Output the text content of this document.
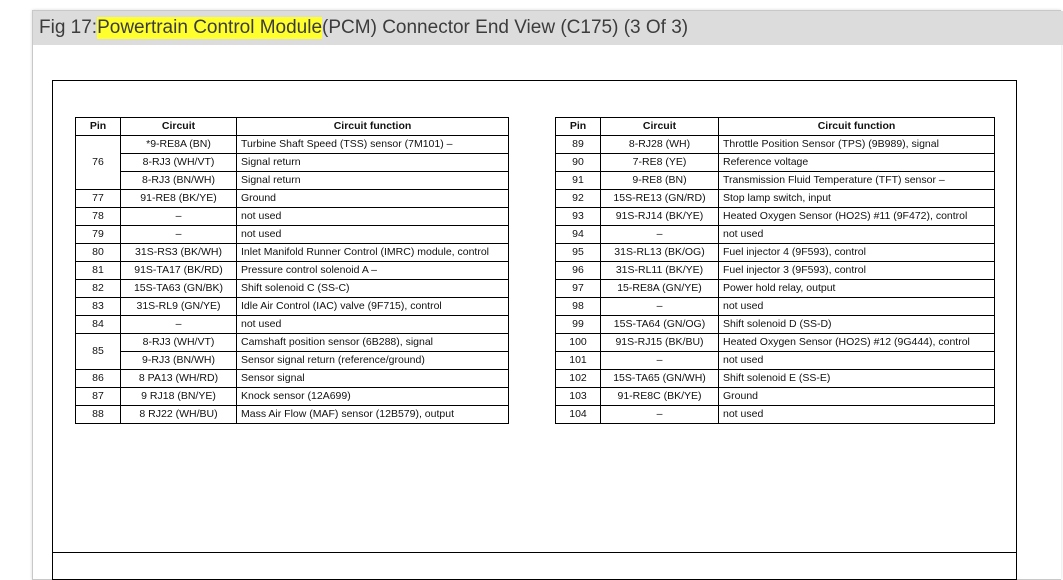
Fig 17: Powertrain Control Module (PCM) Connector End View (C175) (3 Of 3)
Pin	Circuit	Circuit function
76	*9-RE8A (BN)	Turbine Shaft Speed (TSS) sensor (7M101) –
	8-RJ3 (WH/VT)	Signal return
	8-RJ3 (BN/WH)	Signal return
77	91-RE8 (BK/YE)	Ground
78	–	not used
79	–	not used
80	31S-RS3 (BK/WH)	Inlet Manifold Runner Control (IMRC) module, control
81	91S-TA17 (BK/RD)	Pressure control solenoid A –
82	15S-TA63 (GN/BK)	Shift solenoid C (SS-C)
83	31S-RL9 (GN/YE)	Idle Air Control (IAC) valve (9F715), control
84	–	not used
85	8-RJ3 (WH/VT)	Camshaft position sensor (6B288), signal
	9-RJ3 (BN/WH)	Sensor signal return (reference/ground)
86	8 PA13 (WH/RD)	Sensor signal
87	9 RJ18 (BN/YE)	Knock sensor (12A699)
88	8 RJ22 (WH/BU)	Mass Air Flow (MAF) sensor (12B579), output
Pin	Circuit	Circuit function
89	8-RJ28 (WH)	Throttle Position Sensor (TPS) (9B989), signal
90	7-RE8 (YE)	Reference voltage
91	9-RE8 (BN)	Transmission Fluid Temperature (TFT) sensor –
92	15S-RE13 (GN/RD)	Stop lamp switch, input
93	91S-RJ14 (BK/YE)	Heated Oxygen Sensor (HO2S) #11 (9F472), control
94	–	not used
95	31S-RL13 (BK/OG)	Fuel injector 4 (9F593), control
96	31S-RL11 (BK/YE)	Fuel injector 3 (9F593), control
97	15-RE8A (GN/YE)	Power hold relay, output
98	–	not used
99	15S-TA64 (GN/OG)	Shift solenoid D (SS-D)
100	91S-RJ15 (BK/BU)	Heated Oxygen Sensor (HO2S) #12 (9G444), control
101	–	not used
102	15S-TA65 (GN/WH)	Shift solenoid E (SS-E)
103	91-RE8C (BK/YE)	Ground
104	–	not used
